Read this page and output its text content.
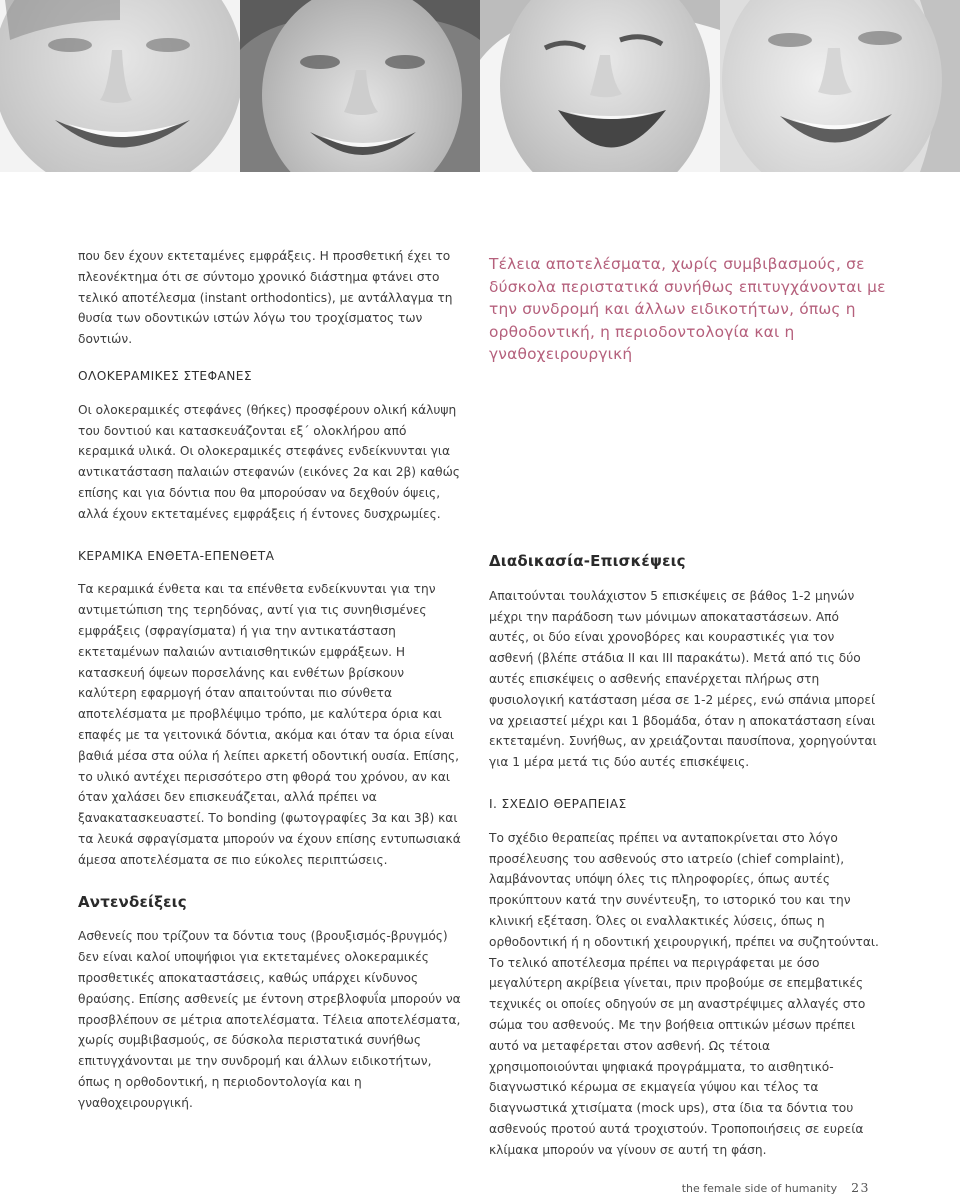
που δεν έχουν εκτεταμένες εμφράξεις. Η προσθετική έχει το πλεονέκτημα ότι σε σύντομο χρονικό διάστημα φτάνει στο τελικό αποτέλεσμα (instant orthodontics), με αντάλλαγμα τη θυσία των οδοντικών ιστών λόγω του τροχίσματος των δοντιών.

ΟΛΟΚΕΡΑΜΙΚΕΣ ΣΤΕΦΑΝΕΣ

Οι ολοκεραμικές στεφάνες (θήκες) προσφέρουν ολική κάλυψη του δοντιού και κατασκευάζονται εξ΄ ολοκλήρου από κεραμικά υλικά. Οι ολοκεραμικές στεφάνες ενδείκνυνται για αντικατάσταση παλαιών στεφανών (εικόνες 2α και 2β) καθώς επίσης και για δόντια που θα μπορούσαν να δεχθούν όψεις, αλλά έχουν εκτεταμένες εμφράξεις ή έντονες δυσχρωμίες.

ΚΕΡΑΜΙΚΑ ΕΝΘΕΤΑ-ΕΠΕΝΘΕΤΑ

Τα κεραμικά ένθετα και τα επένθετα ενδείκνυνται για την αντιμετώπιση της τερηδόνας, αντί για τις συνηθισμένες εμφράξεις (σφραγίσματα) ή για την αντικατάσταση εκτεταμένων παλαιών αντιαισθητικών εμφράξεων. Η κατασκευή όψεων πορσελάνης και ενθέτων βρίσκουν καλύτερη εφαρμογή όταν απαιτούνται πιο σύνθετα αποτελέσματα με προβλέψιμο τρόπο, με καλύτερα όρια και επαφές με τα γειτονικά δόντια, ακόμα και όταν τα όρια είναι βαθιά μέσα στα ούλα ή λείπει αρκετή οδοντική ουσία. Επίσης, το υλικό αντέχει περισσότερο στη φθορά του χρόνου, αν και όταν χαλάσει δεν επισκευάζεται, αλλά πρέπει να ξανακατασκευαστεί. Το bonding (φωτογραφίες 3α και 3β) και τα λευκά σφραγίσματα μπορούν να έχουν επίσης εντυπωσιακά άμεσα αποτελέσματα σε πιο εύκολες περιπτώσεις.

Αντενδείξεις

Ασθενείς που τρίζουν τα δόντια τους (βρουξισμός-βρυγμός) δεν είναι καλοί υποψήφιοι για εκτεταμένες ολοκεραμικές προσθετικές αποκαταστάσεις, καθώς υπάρχει κίνδυνος θραύσης. Επίσης ασθενείς με έντονη στρεβλοφυΐα μπορούν να προσβλέπουν σε μέτρια αποτελέσματα. Τέλεια αποτελέσματα, χωρίς συμβιβασμούς, σε δύσκολα περιστατικά συνήθως επιτυγχάνονται με την συνδρομή και άλλων ειδικοτήτων, όπως η ορθοδοντική, η περιοδοντολογία και η γναθοχειρουργική.

Τέλεια αποτελέσματα, χωρίς συμβιβασμούς, σε δύσκολα περιστατικά συνήθως επιτυγχάνονται με την συνδρομή και άλλων ειδικοτήτων, όπως η ορθοδοντική, η περιοδοντολογία και η γναθοχειρουργική

Διαδικασία-Επισκέψεις

Απαιτούνται τουλάχιστον 5 επισκέψεις σε βάθος 1-2 μηνών μέχρι την παράδοση των μόνιμων αποκαταστάσεων. Από αυτές, οι δύο είναι χρονοβόρες και κουραστικές για τον ασθενή (βλέπε στάδια ΙΙ και ΙΙΙ παρακάτω). Μετά από τις δύο αυτές επισκέψεις ο ασθενής επανέρχεται πλήρως στη φυσιολογική κατάσταση μέσα σε 1-2 μέρες, ενώ σπάνια μπορεί να χρειαστεί μέχρι και 1 βδομάδα, όταν η αποκατάσταση είναι εκτεταμένη. Συνήθως, αν χρειάζονται παυσίπονα, χορηγούνται για 1 μέρα μετά τις δύο αυτές επισκέψεις.

Ι. ΣΧΕΔΙΟ ΘΕΡΑΠΕΙΑΣ

Το σχέδιο θεραπείας πρέπει να ανταποκρίνεται στο λόγο προσέλευσης του ασθενούς στο ιατρείο (chief complaint), λαμβάνοντας υπόψη όλες τις πληροφορίες, όπως αυτές προκύπτουν κατά την συνέντευξη, το ιστορικό του και την κλινική εξέταση. Όλες οι εναλλακτικές λύσεις, όπως η ορθοδοντική ή η οδοντική χειρουργική, πρέπει να συζητούνται. Το τελικό αποτέλεσμα πρέπει να περιγράφεται με όσο μεγαλύτερη ακρίβεια γίνεται, πριν προβούμε σε επεμβατικές τεχνικές οι οποίες οδηγούν σε μη αναστρέψιμες αλλαγές στο σώμα του ασθενούς. Με την βοήθεια οπτικών μέσων πρέπει αυτό να μεταφέρεται στον ασθενή. Ως τέτοια χρησιμοποιούνται ψηφιακά προγράμματα, το αισθητικό-διαγνωστικό κέρωμα σε εκμαγεία γύψου και τέλος τα διαγνωστικά χτισίματα (mock ups), στα ίδια τα δόντια του ασθενούς προτού αυτά τροχιστούν. Τροποποιήσεις σε ευρεία κλίμακα μπορούν να γίνουν σε αυτή τη φάση.

the female side of humanity 23
